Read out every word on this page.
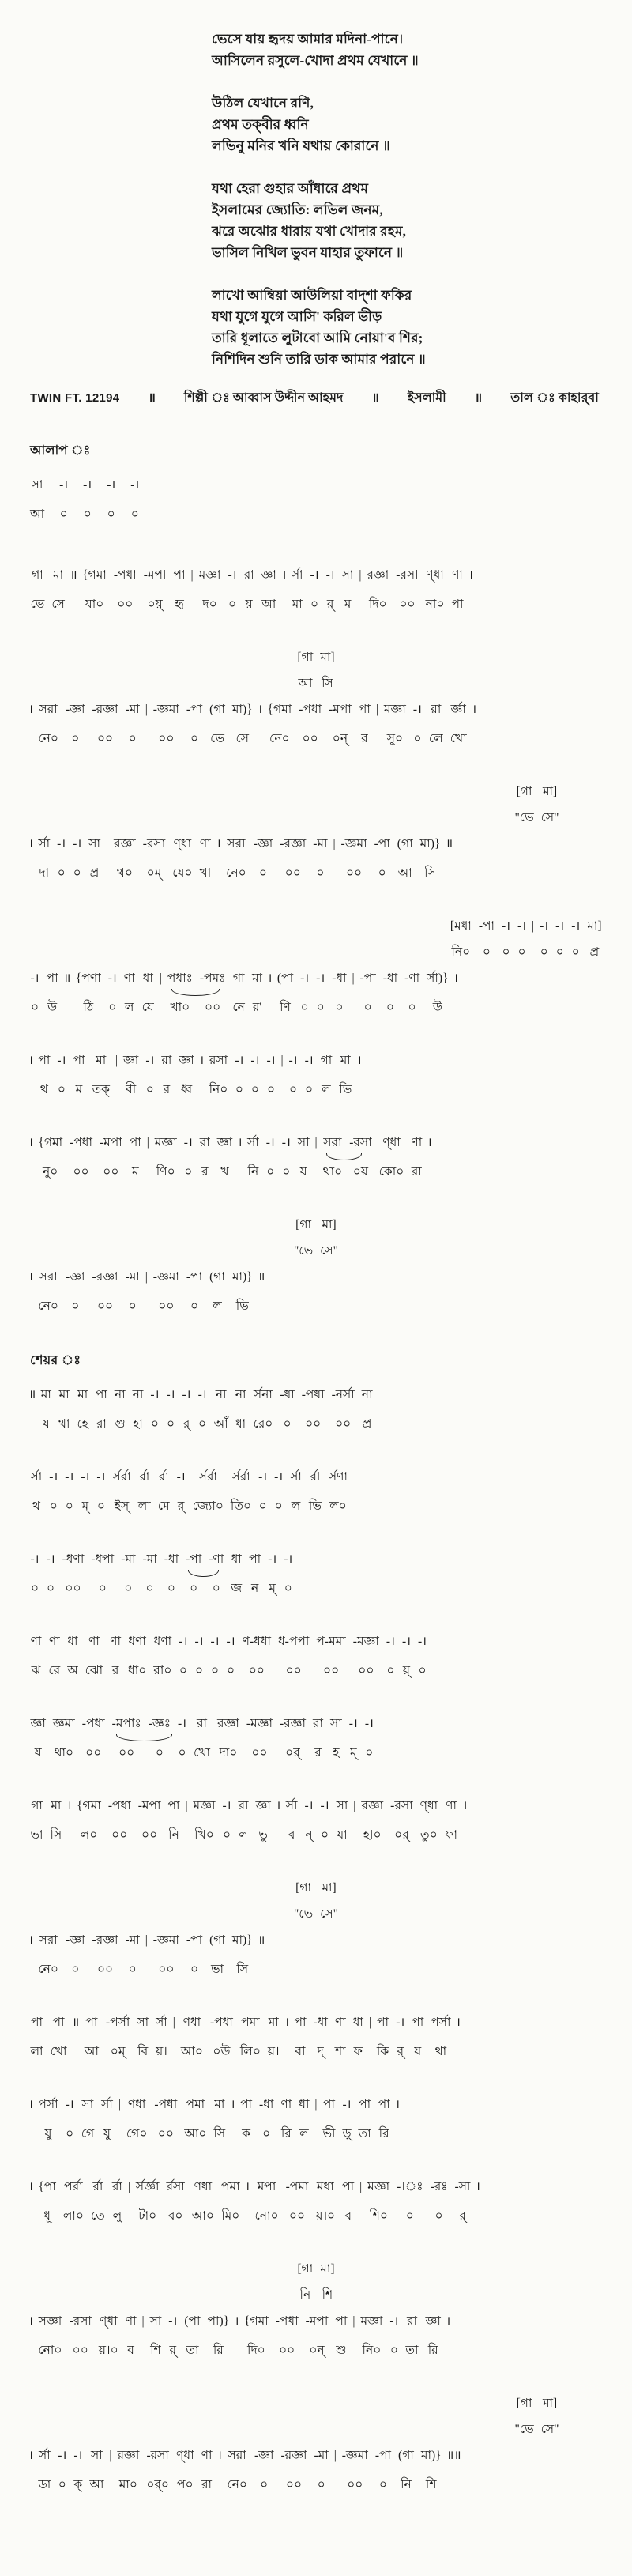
ভেসে যায় হৃদয় আমার মদিনা-পানে।
আসিলেন রসুলে-খোদা প্রথম যেখানে ॥

উঠিল যেখানে রণি,
প্রথম তক্‌বীর ধ্বনি
লভিনু মনির খনি যথায় কোরানে ॥

যথা হেরা গুহার আঁধারে প্রথম
ইসলামের জ্যোতি: লভিল জনম,
ঝরে অঝোর ধারায় যথা খোদার রহম,
ভাসিল নিখিল ভুবন যাহার তুফানে ॥

লাখো আম্বিয়া আউলিয়া বাদ্‌শা ফকির
যথা যুগে যুগে আসি' করিল ভীড়
তারি ধূলাতে লুটাবো আমি নোয়া'ব শির;
নিশিদিন শুনি তারি ডাক আমার পরানে ॥
TWIN FT. 12194 ॥ শিল্পী ঃ আব্বাস উদ্দীন আহমদ ॥ ইসলামী ॥ তাল ঃ কাহার্‌বা
আলাপ ঃ
সা
আ
-।
০
-।
০
-।
০
-।
০
গা
ভে
মা
সে
॥ {গমা
যা০
-পধা
০০
-মপা
০য়্
পা
হৃ
| মজ্ঞা
দ০
-।
০
রা
য়
জ্ঞা
আ
। র্সা
মা
-।
০
-।
র্
সা
ম
| রজ্ঞা
দি০
-রসা
০০
ণ্ধা
না০
ণা
পা
।
[গা
আ
মা]
সি
। সরা
নে০
-জ্ঞা
০
-রজ্ঞা
০০
-মা
০
| -জ্ঞমা
০০
-পা
০
(গা
ভে
মা)}
সে
। {গমা
নে০
-পধা
০০
-মপা
০ন্
পা
র
| মজ্ঞা
সু০
-।
০
রা
লে
র্জ্ঞা
খো
।
[গা
"ভে
মা]
সে"
। র্সা
দা
-।
০
-।
০
সা
প্র
| রজ্ঞা
থ০
-রসা
০ম্
ণ্ধা
যে০
ণা
খা
। সরা
নে০
-জ্ঞা
০
-রজ্ঞা
০০
-মা
০
| -জ্ঞমা
০০
-পা
০
(গা
আ
মা)}
সি
॥
[মধা
নি০
-পা
০
-।
০
-।
০
| -।
০
-।
০
-।
০
মা]
প্র
-।
০
পা
উ
॥ {পণা
ঠি
-।
০
ণা
ল
ধা
যে
| পধাঃ
খা০
-পমঃ
০০
গা
নে
মা
র'
। (পা
ণি
-।
০
-।
০
-ধা
০
| -পা
০
-ধা
০
-ণা
০
র্সা)}
উ
।
। পা
থ
-।
০
পা
ম
মা
তক্
| জ্ঞা
বী
-।
০
রা
র
জ্ঞা
ধ্ব
। রসা
নি০
-।
০
-।
০
-।
০
| -।
০
-।
০
গা
ল
মা
ভি
।
। {গমা
নু০
-পধা
০০
-মপা
০০
পা
ম
| মজ্ঞা
ণি০
-।
০
রা
র
জ্ঞা
খ
। র্সা
নি
-।
০
-।
০
সা
য
| সরা
থা০
-রসা
০য়
ণ্ধা
কো০
ণা
রা
।
[গা
"ভে
মা]
সে"
। সরা
নে০
-জ্ঞা
০
-রজ্ঞা
০০
-মা
০
| -জ্ঞমা
০০
-পা
০
(গা
ল
মা)}
ভি
॥
শেয়র ঃ
॥ মা
য
মা
থা
মা
হে
পা
রা
না
গু
না
হা
-।
০
-।
০
-।
র্
-।
০
না
আঁ
না
ধা
র্সনা
রে০
-ধা
০
-পধা
০০
-নর্সা
০০
না
প্র
র্সা
থ
-।
০
-।
০
-।
ম্
-।
০
র্সর্রা
ইস্
র্রা
লা
র্রা
মে
-।
র্
র্সর্রা
জ্যো০
র্সর্রা
তি০
-।
০
-।
০
র্সা
ল
র্রা
ভি
র্সণা
ল০
-।
০
-।
০
-ধণা
০০
-ধপা
০
-মা
০
-মা
০
-ধা
০
-পা
০
-ণা
০
ধা
জ
পা
ন
-।
ম্
-।
০
ণা
ঝ
ণা
রে
ধা
অ
ণা
ঝো
ণা
র
ধণা
ধা০
ধণা
রা০
-।
০
-।
০
-।
০
-।
০
ণ-ধধা
০০
ধ-পপা
০০
প-মমা
০০
-মজ্ঞা
০০
-।
০
-।
য়্
-।
০
জ্ঞা
য
জ্ঞমা
থা০
-পধা
০০
-মপাঃ
০০
-জ্ঞঃ
০
-।
০
রা
খো
রজ্ঞা
দা০
-মজ্ঞা
০০
-রজ্ঞা
০র্
রা
র
সা
হ
-।
ম্
-।
০
গা
ভা
মা
সি
। {গমা
ল০
-পধা
০০
-মপা
০০
পা
নি
| মজ্ঞা
খি০
-।
০
রা
ল
জ্ঞা
ভু
। র্সা
ব
-।
ন্
-।
০
সা
যা
| রজ্ঞা
হা০
-রসা
০র্
ণ্ধা
তু০
ণা
ফা
।
[গা
"ভে
মা]
সে"
। সরা
নে০
-জ্ঞা
০
-রজ্ঞা
০০
-মা
০
| -জ্ঞমা
০০
-পা
০
(গা
ভা
মা)}
সি
॥
পা
লা
পা
খো
॥ পা
আ
-পর্সা
০ম্
সা
বি
র্সা
য়।
| ণধা
আ০
-পধা
০উ
পমা
লি০
মা
য়।
। পা
বা
-ধা
দ্
ণা
শা
ধা
ফ
| পা
কি
-।
র্
পা
য
পর্সা
থা
।
। পর্সা
যু
-।
০
সা
গে
র্সা
যু
| ণধা
গে০
-পধা
০০
পমা
আ০
মা
সি
। পা
ক
-ধা
০
ণা
রি
ধা
ল
| পা
ভী
-।
ড়্
পা
তা
পা
রি
।
। {পা
ধূ
পর্রা
লা০
র্রা
তে
র্রা
লু
| র্সর্জ্ঞা
টা০
র্রসা
ব০
ণধা
আ০
পমা
মি০
। মপা
নো০
-পমা
০০
মধা
য়।০
পা
ব
| মজ্ঞা
শি০
-।ঃ
০
-রঃ
০
-সা
র্
।
[গা
নি
মা]
শি
। সজ্ঞা
নো০
-রসা
০০
ণ্ধা
য়।০
ণা
ব
| সা
শি
-।
র্
(পা
তা
পা)}
রি
। {গমা
দি০
-পধা
০০
-মপা
০ন্
পা
শু
| মজ্ঞা
নি০
-।
০
রা
তা
জ্ঞা
রি
।
[গা
"ভে
মা]
সে"
। র্সা
ডা
-।
০
-।
ক্
সা
আ
| রজ্ঞা
মা০
-রসা
০র্০
ণ্ধা
প০
ণা
রা
। সরা
নে০
-জ্ঞা
০
-রজ্ঞা
০০
-মা
০
| -জ্ঞমা
০০
-পা
০
(গা
নি
মা)}
শি
॥॥
